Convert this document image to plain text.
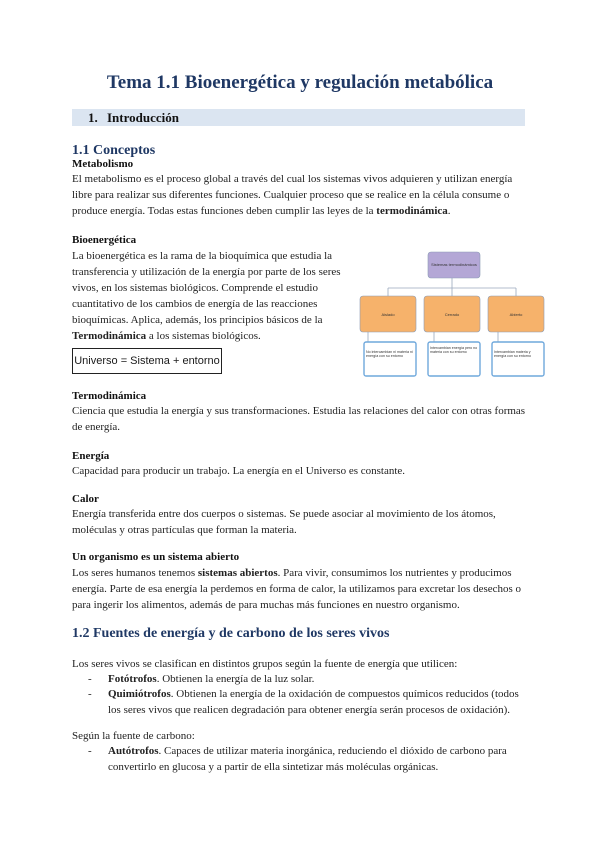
Tema 1.1 Bioenergética y regulación metabólica
1. Introducción
1.1 Conceptos
Metabolismo
El metabolismo es el proceso global a través del cual los sistemas vivos adquieren y utilizan energía libre para realizar sus diferentes funciones. Cualquier proceso que se realice en la célula consume o produce energía. Todas estas funciones deben cumplir las leyes de la termodinámica.
Bioenergética
La bioenergética es la rama de la bioquímica que estudia la transferencia y utilización de la energía por parte de los seres vivos, en los sistemas biológicos. Comprende el estudio cuantitativo de los cambios de energía de las reacciones bioquímicas. Aplica, además, los principios básicos de la Termodinámica a los sistemas biológicos.
Universo = Sistema + entorno
Sistemas termodinámicos
Aislado	Cerrado	Abierto
No intercambian ni materia ni energía con su entorno
Intercambian energía pero no materia con su entorno	Intercambian materia y energía con su entorno
Termodinámica
Ciencia que estudia la energía y sus transformaciones. Estudia las relaciones del calor con otras formas de energía.
Energía
Capacidad para producir un trabajo. La energía en el Universo es constante.
Calor
Energía transferida entre dos cuerpos o sistemas. Se puede asociar al movimiento de los átomos, moléculas y otras partículas que forman la materia.
Un organismo es un sistema abierto
Los seres humanos tenemos sistemas abiertos. Para vivir, consumimos los nutrientes y producimos energía. Parte de esa energía la perdemos en forma de calor, la utilizamos para excretar los desechos o para ingerir los alimentos, además de para muchas más funciones en nuestro organismo.
1.2 Fuentes de energía y de carbono de los seres vivos
Los seres vivos se clasifican en distintos grupos según la fuente de energía que utilicen:
-	Fotótrofos. Obtienen la energía de la luz solar.
-	Quimiótrofos. Obtienen la energía de la oxidación de compuestos químicos reducidos (todos los seres vivos que realicen degradación para obtener energía serán procesos de oxidación).
Según la fuente de carbono:
-	Autótrofos. Capaces de utilizar materia inorgánica, reduciendo el dióxido de carbono para convertirlo en glucosa y a partir de ella sintetizar más moléculas orgánicas.
